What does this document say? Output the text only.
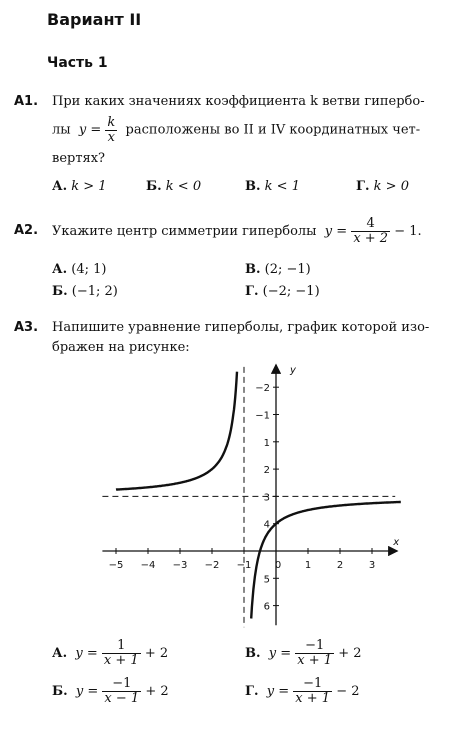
Вариант II
Часть 1
А1. При каких значениях коэффициента k ветви гипербо-
лы $y = \frac{k}{x}$ расположены во II и IV координатных чет-
вертях?
А. k > 1	Б. k < 0	В. k < 1	Г. k > 0
А2. Укажите центр симметрии гиперболы $y = \frac{4}{x + 2} - 1$.
А. (4; 1)	В. (2; −1)
Б. (−1; 2)	Г. (−2; −1)
А3. Напишите уравнение гиперболы, график которой изо-
бражен на рисунке:
x
y
−5 −4 −3 −2 −1 0 1	2	3
6
5
4
3
2
1
−1
−2
А. $y = \frac{1}{x + 1} + 2$	В. $y = \frac{-1}{x + 1} + 2$
Б. $y = \frac{-1}{x - 1} + 2$	Г. $y = \frac{-1}{x + 1} - 2$
